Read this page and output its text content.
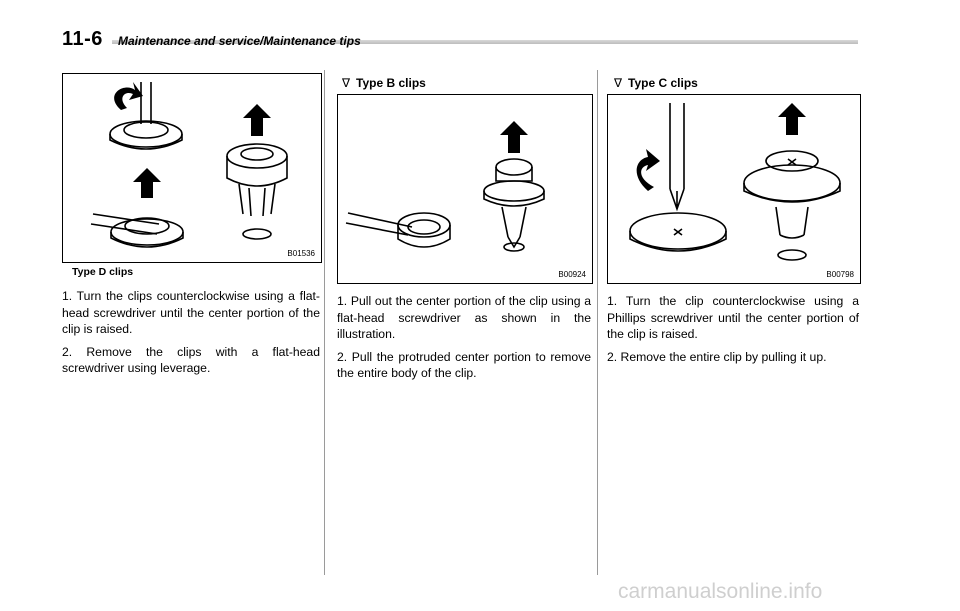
11-6 Maintenance and service/Maintenance tips
B01536
Type D clips

1. Turn the clips counterclockwise using a flat-head screwdriver until the center portion of the clip is raised.

2. Remove the clips with a flat-head screwdriver using leverage.

∇ Type B clips
B00924

1. Pull out the center portion of the clip using a flat-head screwdriver as shown in the illustration.

2. Pull the protruded center portion to remove the entire body of the clip.

∇ Type C clips
B00798

1. Turn the clip counterclockwise using a Phillips screwdriver until the center portion of the clip is raised.

2. Remove the entire clip by pulling it up.

carmanualsonline.info
